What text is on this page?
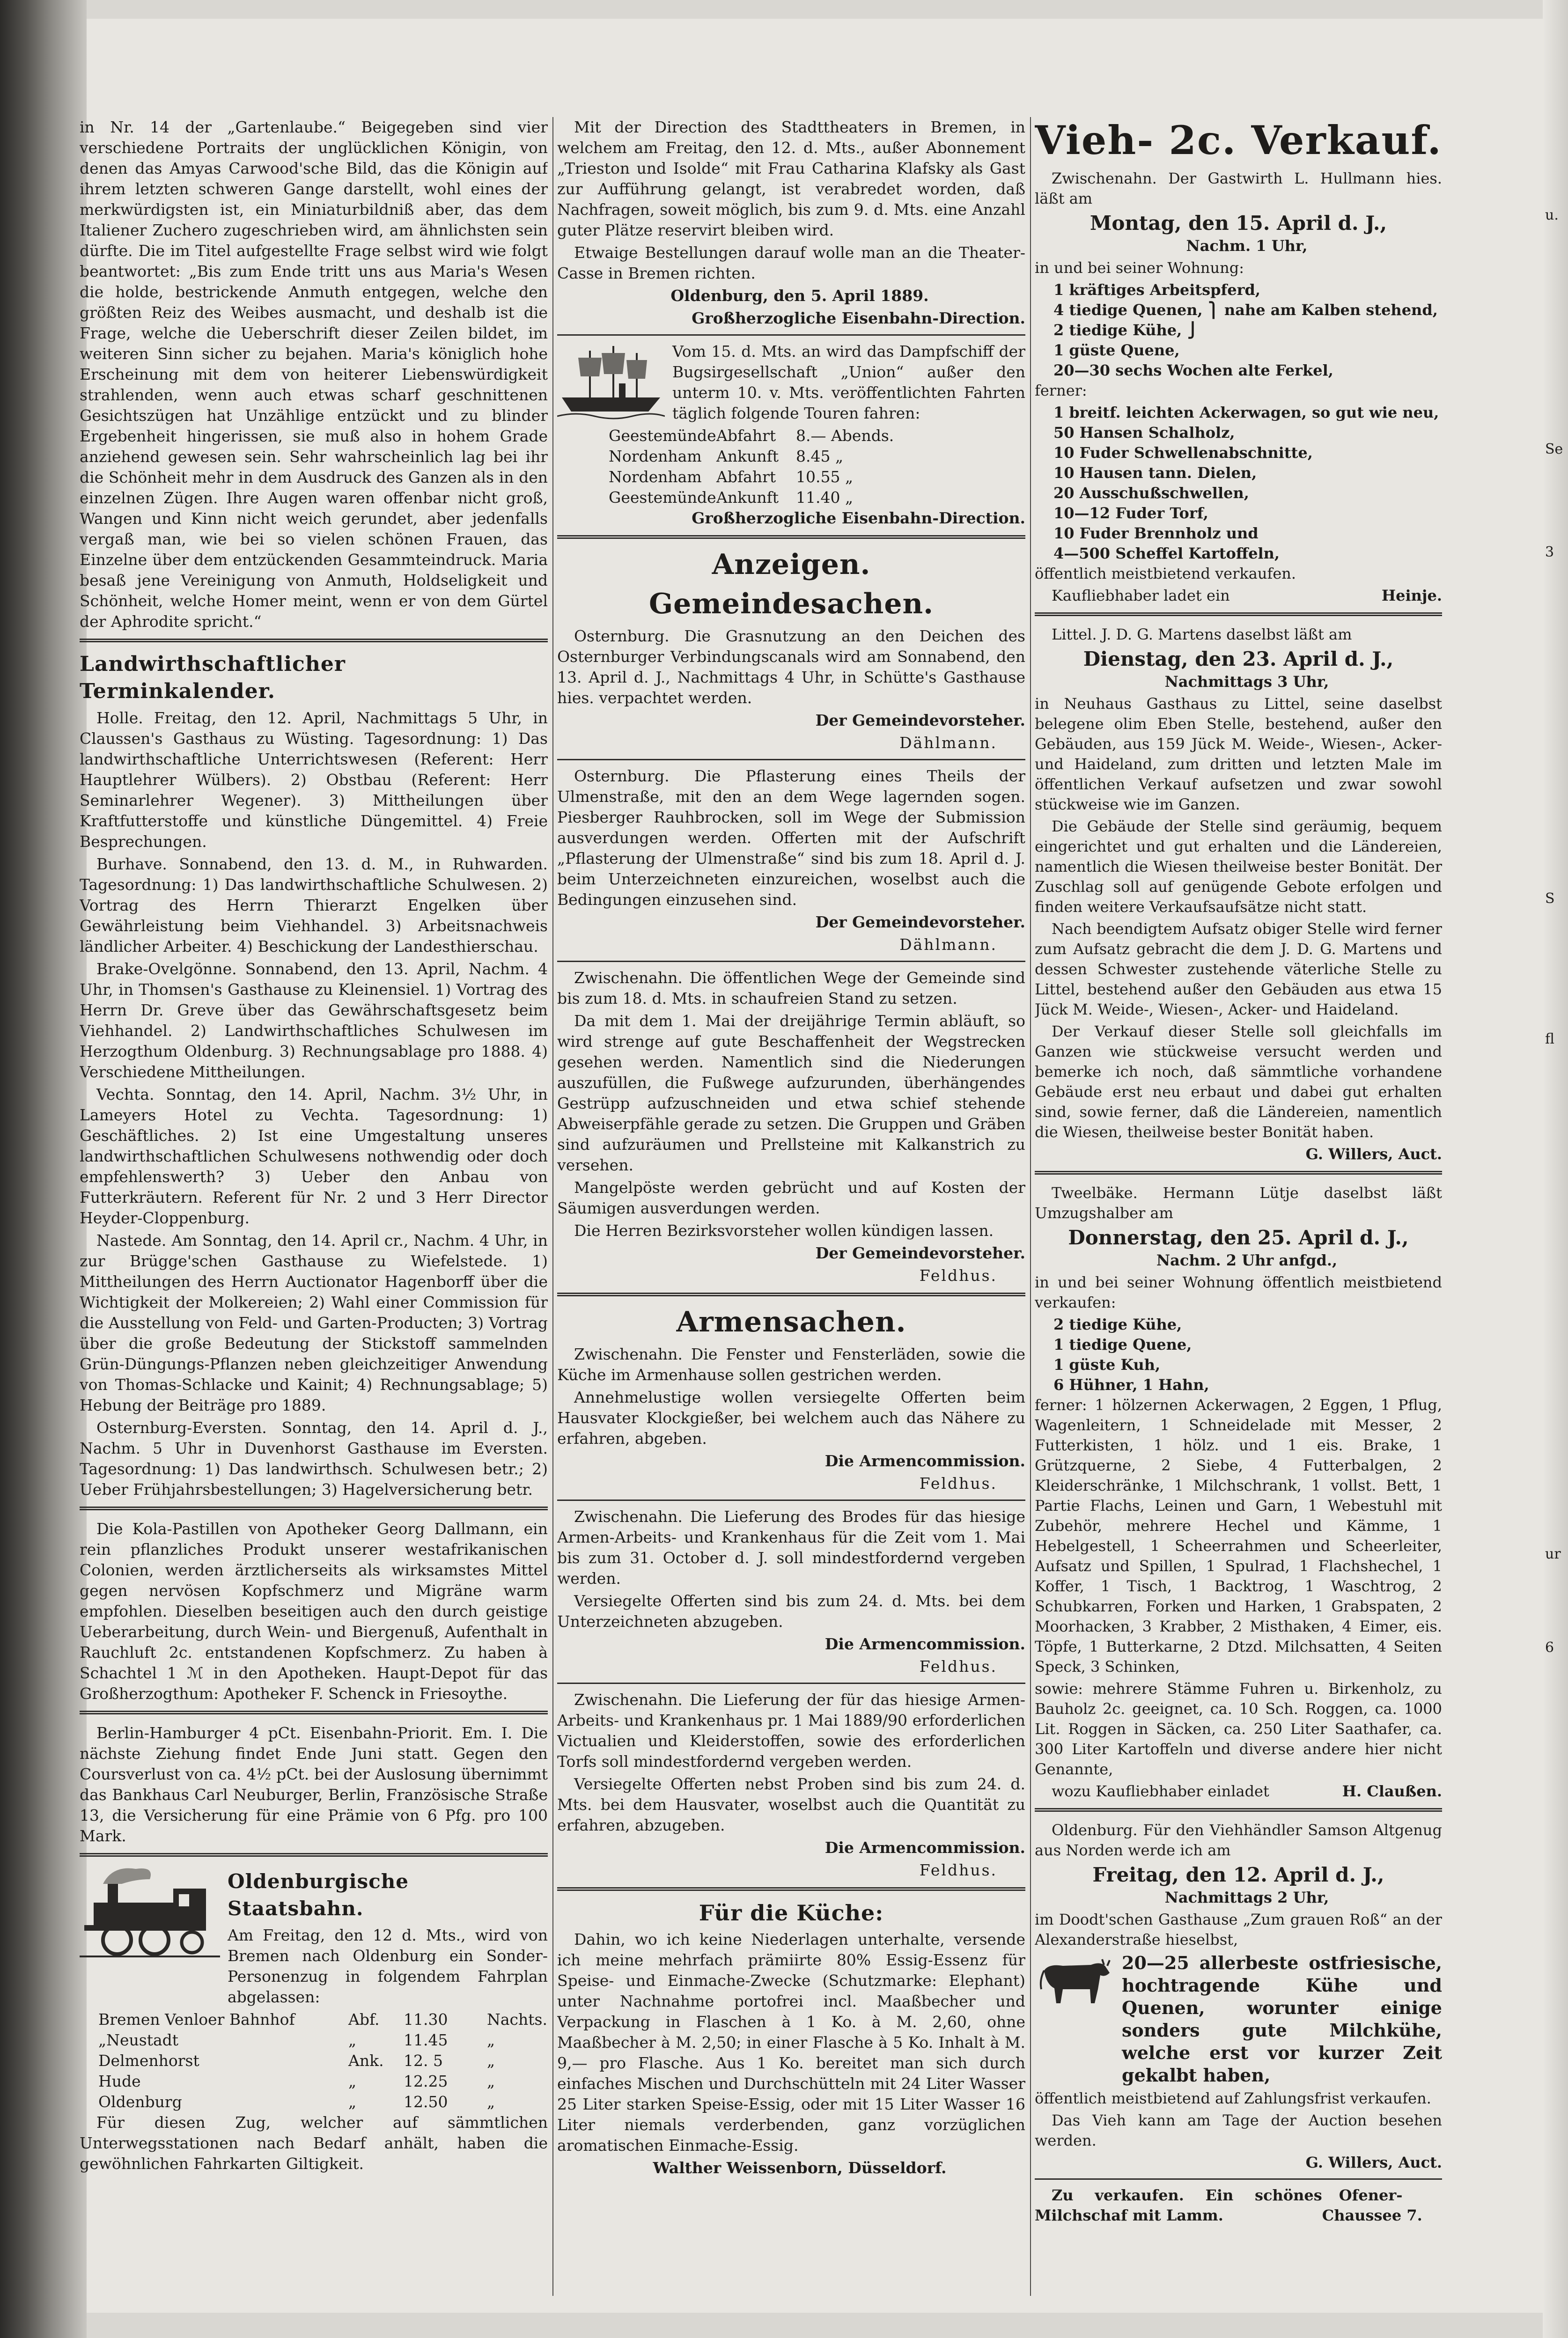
in Nr. 14 der „Gartenlaube.“ Beigegeben sind vier verschiedene Portraits der unglücklichen Königin, von denen das Amyas Carwood'sche Bild, das die Königin auf ihrem letzten schweren Gange darstellt, wohl eines der merkwürdigsten ist, ein Miniaturbildniß aber, das dem Italiener Zuchero zugeschrieben wird, am ähnlichsten sein dürfte. Die im Titel aufgestellte Frage selbst wird wie folgt beantwortet: „Bis zum Ende tritt uns aus Maria's Wesen die holde, bestrickende Anmuth entgegen, welche den größten Reiz des Weibes ausmacht, und deshalb ist die Frage, welche die Ueberschrift dieser Zeilen bildet, im weiteren Sinn sicher zu bejahen. Maria's königlich hohe Erscheinung mit dem von heiterer Liebenswürdigkeit strahlenden, wenn auch etwas scharf geschnittenen Gesichtszügen hat Unzählige entzückt und zu blinder Ergebenheit hingerissen, sie muß also in hohem Grade anziehend gewesen sein. Sehr wahrscheinlich lag bei ihr die Schönheit mehr in dem Ausdruck des Ganzen als in den einzelnen Zügen. Ihre Augen waren offenbar nicht groß, Wangen und Kinn nicht weich gerundet, aber jedenfalls vergaß man, wie bei so vielen schönen Frauen, das Einzelne über dem entzückenden Gesammteindruck. Maria besaß jene Vereinigung von Anmuth, Holdseligkeit und Schönheit, welche Homer meint, wenn er von dem Gürtel der Aphrodite spricht.“

Landwirthschaftlicher Terminkalender.

Holle. Freitag, den 12. April, Nachmittags 5 Uhr, in Claussen's Gasthaus zu Wüsting. Tagesordnung: 1) Das landwirthschaftliche Unterrichtswesen (Referent: Herr Hauptlehrer Wülbers). 2) Obstbau (Referent: Herr Seminarlehrer Wegener). 3) Mittheilungen über Kraftfutterstoffe und künstliche Düngemittel. 4) Freie Besprechungen.

Burhave. Sonnabend, den 13. d. M., in Ruhwarden. Tagesordnung: 1) Das landwirthschaftliche Schulwesen. 2) Vortrag des Herrn Thierarzt Engelken über Gewährleistung beim Viehhandel. 3) Arbeitsnachweis ländlicher Arbeiter. 4) Beschickung der Landesthierschau.

Brake-Ovelgönne. Sonnabend, den 13. April, Nachm. 4 Uhr, in Thomsen's Gasthause zu Kleinensiel. 1) Vortrag des Herrn Dr. Greve über das Gewährschaftsgesetz beim Viehhandel. 2) Landwirthschaftliches Schulwesen im Herzogthum Oldenburg. 3) Rechnungsablage pro 1888. 4) Verschiedene Mittheilungen.

Vechta. Sonntag, den 14. April, Nachm. 3½ Uhr, in Lameyers Hotel zu Vechta. Tagesordnung: 1) Geschäftliches. 2) Ist eine Umgestaltung unseres landwirthschaftlichen Schulwesens nothwendig oder doch empfehlenswerth? 3) Ueber den Anbau von Futterkräutern. Referent für Nr. 2 und 3 Herr Director Heyder-Cloppenburg.

Nastede. Am Sonntag, den 14. April cr., Nachm. 4 Uhr, in zur Brügge'schen Gasthause zu Wiefelstede. 1) Mittheilungen des Herrn Auctionator Hagenborff über die Wichtigkeit der Molkereien; 2) Wahl einer Commission für die Ausstellung von Feld- und Garten-Producten; 3) Vortrag über die große Bedeutung der Stickstoff sammelnden Grün-Düngungs-Pflanzen neben gleichzeitiger Anwendung von Thomas-Schlacke und Kainit; 4) Rechnungsablage; 5) Hebung der Beiträge pro 1889.

Osternburg-Eversten. Sonntag, den 14. April d. J., Nachm. 5 Uhr in Duvenhorst Gasthause im Eversten. Tagesordnung: 1) Das landwirthsch. Schulwesen betr.; 2) Ueber Frühjahrsbestellungen; 3) Hagelversicherung betr.

Die Kola-Pastillen von Apotheker Georg Dallmann, ein rein pflanzliches Produkt unserer westafrikanischen Colonien, werden ärztlicherseits als wirksamstes Mittel gegen nervösen Kopfschmerz und Migräne warm empfohlen. Dieselben beseitigen auch den durch geistige Ueberarbeitung, durch Wein- und Biergenuß, Aufenthalt in Rauchluft 2c. entstandenen Kopfschmerz. Zu haben à Schachtel 1 ℳ in den Apotheken. Haupt-Depot für das Großherzogthum: Apotheker F. Schenck in Friesoythe.

Berlin-Hamburger 4 pCt. Eisenbahn-Priorit. Em. I. Die nächste Ziehung findet Ende Juni statt. Gegen den Coursverlust von ca. 4½ pCt. bei der Auslosung übernimmt das Bankhaus Carl Neuburger, Berlin, Französische Straße 13, die Versicherung für eine Prämie von 6 Pfg. pro 100 Mark.

Oldenburgische Staatsbahn.

Am Freitag, den 12 d. Mts., wird von Bremen nach Oldenburg ein Sonder-Personenzug in folgendem Fahrplan abgelassen:

Bremen Venloer Bahnhof	Abf.	11.30	Nachts.
„Neustadt	„	11.45	„
Delmenhorst	Ank.	12. 5	„
Hude	„	12.25	„
Oldenburg	„	12.50	„

Für diesen Zug, welcher auf sämmtlichen Unterwegsstationen nach Bedarf anhält, haben die gewöhnlichen Fahrkarten Giltigkeit.

Mit der Direction des Stadttheaters in Bremen, in welchem am Freitag, den 12. d. Mts., außer Abonnement „Trieston und Isolde“ mit Frau Catharina Klafsky als Gast zur Aufführung gelangt, ist verabredet worden, daß Nachfragen, soweit möglich, bis zum 9. d. Mts. eine Anzahl guter Plätze reservirt bleiben wird.

Etwaige Bestellungen darauf wolle man an die Theater-Casse in Bremen richten.

Oldenburg, den 5. April 1889.

Großherzogliche Eisenbahn-Direction.

Vom 15. d. Mts. an wird das Dampfschiff der Bugsirgesellschaft „Union“ außer den unterm 10. v. Mts. veröffentlichten Fahrten täglich folgende Touren fahren:

Geestemünde Abfahrt	8.— Abends.
Nordenham Ankunft	8.45 „
Nordenham Abfahrt	10.55 „
Geestemünde Ankunft	11.40 „

Großherzogliche Eisenbahn-Direction.

Anzeigen.
Gemeindesachen.

Osternburg. Die Grasnutzung an den Deichen des Osternburger Verbindungscanals wird am Sonnabend, den 13. April d. J., Nachmittags 4 Uhr, in Schütte's Gasthause hies. verpachtet werden.

Der Gemeindevorsteher.

Dählmann.

Osternburg. Die Pflasterung eines Theils der Ulmenstraße, mit den an dem Wege lagernden sogen. Piesberger Rauhbrocken, soll im Wege der Submission ausverdungen werden. Offerten mit der Aufschrift „Pflasterung der Ulmenstraße“ sind bis zum 18. April d. J. beim Unterzeichneten einzureichen, woselbst auch die Bedingungen einzusehen sind.

Der Gemeindevorsteher.

Dählmann.

Zwischenahn. Die öffentlichen Wege der Gemeinde sind bis zum 18. d. Mts. in schaufreien Stand zu setzen.

Da mit dem 1. Mai der dreijährige Termin abläuft, so wird strenge auf gute Beschaffenheit der Wegstrecken gesehen werden. Namentlich sind die Niederungen auszufüllen, die Fußwege aufzurunden, überhängendes Gestrüpp aufzuschneiden und etwa schief stehende Abweiserpfähle gerade zu setzen. Die Gruppen und Gräben sind aufzuräumen und Prellsteine mit Kalkanstrich zu versehen.

Mangelpöste werden gebrücht und auf Kosten der Säumigen ausverdungen werden.

Die Herren Bezirksvorsteher wollen kündigen lassen.

Der Gemeindevorsteher.

Feldhus.

Armensachen.

Zwischenahn. Die Fenster und Fensterläden, sowie die Küche im Armenhause sollen gestrichen werden.

Annehmelustige wollen versiegelte Offerten beim Hausvater Klockgießer, bei welchem auch das Nähere zu erfahren, abgeben.

Die Armencommission.

Feldhus.

Zwischenahn. Die Lieferung des Brodes für das hiesige Armen-Arbeits- und Krankenhaus für die Zeit vom 1. Mai bis zum 31. October d. J. soll mindestfordernd vergeben werden.

Versiegelte Offerten sind bis zum 24. d. Mts. bei dem Unterzeichneten abzugeben.

Die Armencommission.

Feldhus.

Zwischenahn. Die Lieferung der für das hiesige Armen-Arbeits- und Krankenhaus pr. 1 Mai 1889/90 erforderlichen Victualien und Kleiderstoffen, sowie des erforderlichen Torfs soll mindestfordernd vergeben werden.

Versiegelte Offerten nebst Proben sind bis zum 24. d. Mts. bei dem Hausvater, woselbst auch die Quantität zu erfahren, abzugeben.

Die Armencommission.

Feldhus.

Für die Küche:

Dahin, wo ich keine Niederlagen unterhalte, versende ich meine mehrfach prämiirte 80% Essig-Essenz für Speise- und Einmache-Zwecke (Schutzmarke: Elephant) unter Nachnahme portofrei incl. Maaßbecher und Verpackung in Flaschen à 1 Ko. à M. 2,60, ohne Maaßbecher à M. 2,50; in einer Flasche à 5 Ko. Inhalt à M. 9,— pro Flasche. Aus 1 Ko. bereitet man sich durch einfaches Mischen und Durchschütteln mit 24 Liter Wasser 25 Liter starken Speise-Essig, oder mit 15 Liter Wasser 16 Liter niemals verderbenden, ganz vorzüglichen aromatischen Einmache-Essig.

Walther Weissenborn, Düsseldorf.

Vieh- 2c. Verkauf.

Zwischenahn. Der Gastwirth L. Hullmann hies. läßt am

Montag, den 15. April d. J.,

Nachm. 1 Uhr,

in und bei seiner Wohnung:

1 kräftiges Arbeitspferd,

4 tiedige Quenen, ⎫ nahe am Kalben stehend,

2 tiedige Kühe, ⎭

1 güste Quene,

20—30 sechs Wochen alte Ferkel,

ferner:

1 breitf. leichten Ackerwagen, so gut wie neu,

50 Hansen Schalholz,

10 Fuder Schwellenabschnitte,

10 Hausen tann. Dielen,

20 Ausschußschwellen,

10—12 Fuder Torf,

10 Fuder Brennholz und

4—500 Scheffel Kartoffeln,

öffentlich meistbietend verkaufen.

Kaufliebhaber ladet ein	Heinje.

Littel. J. D. G. Martens daselbst läßt am

Dienstag, den 23. April d. J.,

Nachmittags 3 Uhr,

in Neuhaus Gasthaus zu Littel, seine daselbst belegene olim Eben Stelle, bestehend, außer den Gebäuden, aus 159 Jück M. Weide-, Wiesen-, Acker- und Haideland, zum dritten und letzten Male im öffentlichen Verkauf aufsetzen und zwar sowohl stückweise wie im Ganzen.

Die Gebäude der Stelle sind geräumig, bequem eingerichtet und gut erhalten und die Ländereien, namentlich die Wiesen theilweise bester Bonität. Der Zuschlag soll auf genügende Gebote erfolgen und finden weitere Verkaufsaufsätze nicht statt.

Nach beendigtem Aufsatz obiger Stelle wird ferner zum Aufsatz gebracht die dem J. D. G. Martens und dessen Schwester zustehende väterliche Stelle zu Littel, bestehend außer den Gebäuden aus etwa 15 Jück M. Weide-, Wiesen-, Acker- und Haideland.

Der Verkauf dieser Stelle soll gleichfalls im Ganzen wie stückweise versucht werden und bemerke ich noch, daß sämmtliche vorhandene Gebäude erst neu erbaut und dabei gut erhalten sind, sowie ferner, daß die Ländereien, namentlich die Wiesen, theilweise bester Bonität haben.

G. Willers, Auct.

Tweelbäke. Hermann Lütje daselbst läßt Umzugshalber am

Donnerstag, den 25. April d. J.,

Nachm. 2 Uhr anfgd.,

in und bei seiner Wohnung öffentlich meistbietend verkaufen:

2 tiedige Kühe,

1 tiedige Quene,

1 güste Kuh,

6 Hühner, 1 Hahn,

ferner: 1 hölzernen Ackerwagen, 2 Eggen, 1 Pflug, Wagenleitern, 1 Schneidelade mit Messer, 2 Futterkisten, 1 hölz. und 1 eis. Brake, 1 Grützquerne, 2 Siebe, 4 Futterbalgen, 2 Kleiderschränke, 1 Milchschrank, 1 vollst. Bett, 1 Partie Flachs, Leinen und Garn, 1 Webestuhl mit Zubehör, mehrere Hechel und Kämme, 1 Hebelgestell, 1 Scheerrahmen und Scheerleiter, Aufsatz und Spillen, 1 Spulrad, 1 Flachshechel, 1 Koffer, 1 Tisch, 1 Backtrog, 1 Waschtrog, 2 Schubkarren, Forken und Harken, 1 Grabspaten, 2 Moorhacken, 3 Krabber, 2 Misthaken, 4 Eimer, eis. Töpfe, 1 Butterkarne, 2 Dtzd. Milchsatten, 4 Seiten Speck, 3 Schinken,

sowie: mehrere Stämme Fuhren u. Birkenholz, zu Bauholz 2c. geeignet, ca. 10 Sch. Roggen, ca. 1000 Lit. Roggen in Säcken, ca. 250 Liter Saathafer, ca. 300 Liter Kartoffeln und diverse andere hier nicht Genannte,

wozu Kaufliebhaber einladet	H. Claußen.

Oldenburg. Für den Viehhändler Samson Altgenug aus Norden werde ich am

Freitag, den 12. April d. J.,

Nachmittags 2 Uhr,

im Doodt'schen Gasthause „Zum grauen Roß“ an der Alexanderstraße hieselbst,

20—25 allerbeste ostfriesische, hochtragende Kühe und Quenen, worunter einige sonders gute Milchkühe, welche erst vor kurzer Zeit gekalbt haben,

öffentlich meistbietend auf Zahlungsfrist verkaufen.

Das Vieh kann am Tage der Auction besehen werden.

G. Willers, Auct.

Zu verkaufen. Ein schönes Milchschaf mit Lamm.
Ofener-Chaussee 7.

u.
Se
3
S
fl
ur
6
